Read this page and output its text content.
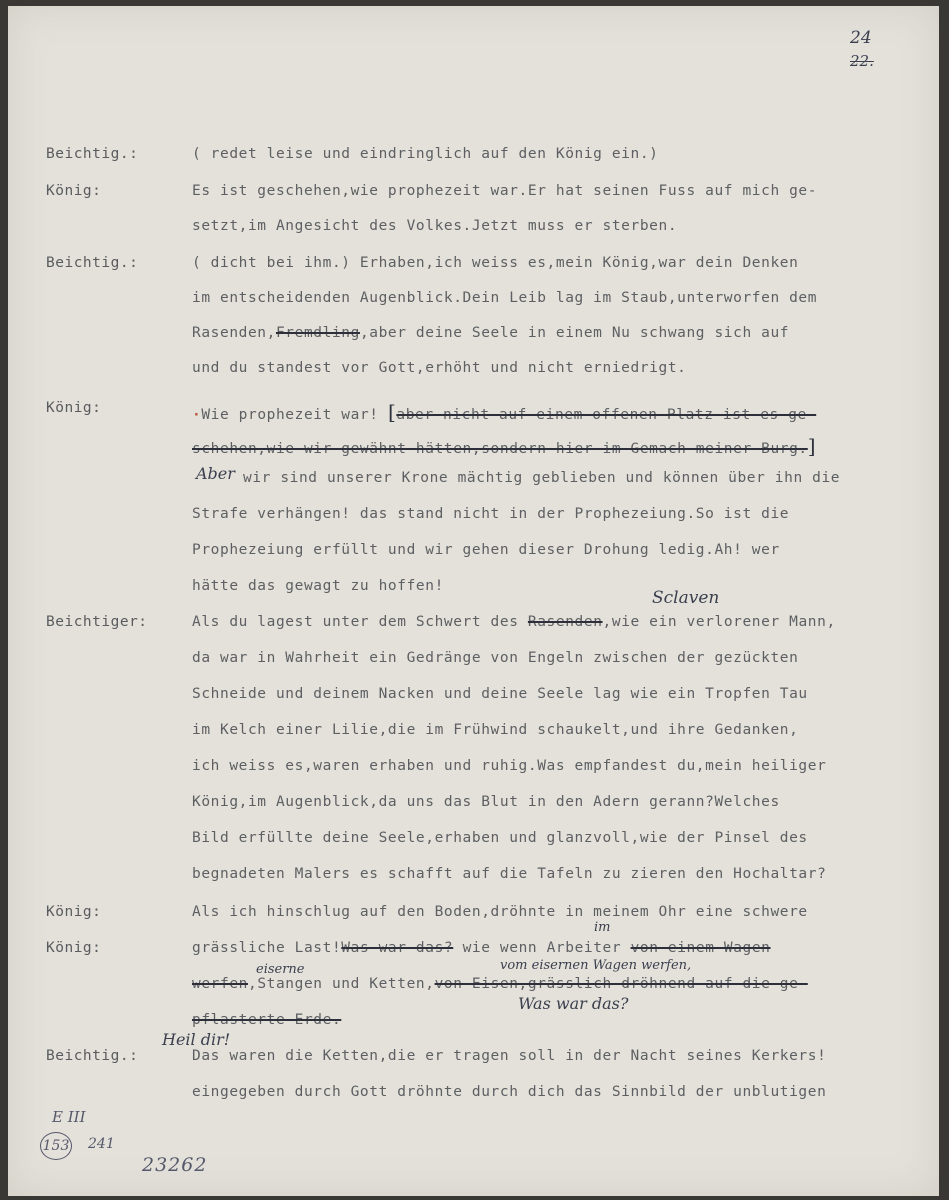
24
22.
Beichtig.:	( redet leise und eindringlich auf den König ein.)
König:	Es ist geschehen,wie prophezeit war.Er hat seinen Fuss auf mich ge-
setzt,im Angesicht des Volkes.Jetzt muss er sterben.
Beichtig.:	( dicht bei ihm.) Erhaben,ich weiss es,mein König,war dein Denken
im entscheidenden Augenblick.Dein Leib lag im Staub,unterworfen dem
Rasenden,Fremdling,aber deine Seele in einem Nu schwang sich auf
und du standest vor Gott,erhöht und nicht erniedrigt.
König:	·Wie prophezeit war! [aber nicht auf einem offenen Platz ist es ge-
schehen,wie wir gewähnt hätten,sondern hier im Gemach meiner Burg.]
Aber wir sind unserer Krone mächtig geblieben und können über ihn die
Strafe verhängen! das stand nicht in der Prophezeiung.So ist die
Prophezeiung erfüllt und wir gehen dieser Drohung ledig.Ah! wer
hätte das gewagt zu hoffen!
Sclaven
Beichtiger:	Als du lagest unter dem Schwert des Rasenden,wie ein verlorener Mann,
da war in Wahrheit ein Gedränge von Engeln zwischen der gezückten
Schneide und deinem Nacken und deine Seele lag wie ein Tropfen Tau
im Kelch einer Lilie,die im Frühwind schaukelt,und ihre Gedanken,
ich weiss es,waren erhaben und ruhig.Was empfandest du,mein heiliger
König,im Augenblick,da uns das Blut in den Adern gerann?Welches
Bild erfüllte deine Seele,erhaben und glanzvoll,wie der Pinsel des
begnadeten Malers es schafft auf die Tafeln zu zieren den Hochaltar?
König:	Als ich hinschlug auf den Boden,dröhnte in meinem Ohr eine schwere
im
König:	grässliche Last!Was war das? wie wenn Arbeiter von einem Wagen
eiserne	vom eisernen Wagen werfen,
werfen,Stangen und Ketten,von Eisen,grässlich dröhnend auf die ge-
Was war das?
pflasterte Erde.
Heil dir!
Beichtig.:	Das waren die Ketten,die er tragen soll in der Nacht seines Kerkers!
eingegeben durch Gott dröhnte durch dich das Sinnbild der unblutigen
E III
153 241
23262
